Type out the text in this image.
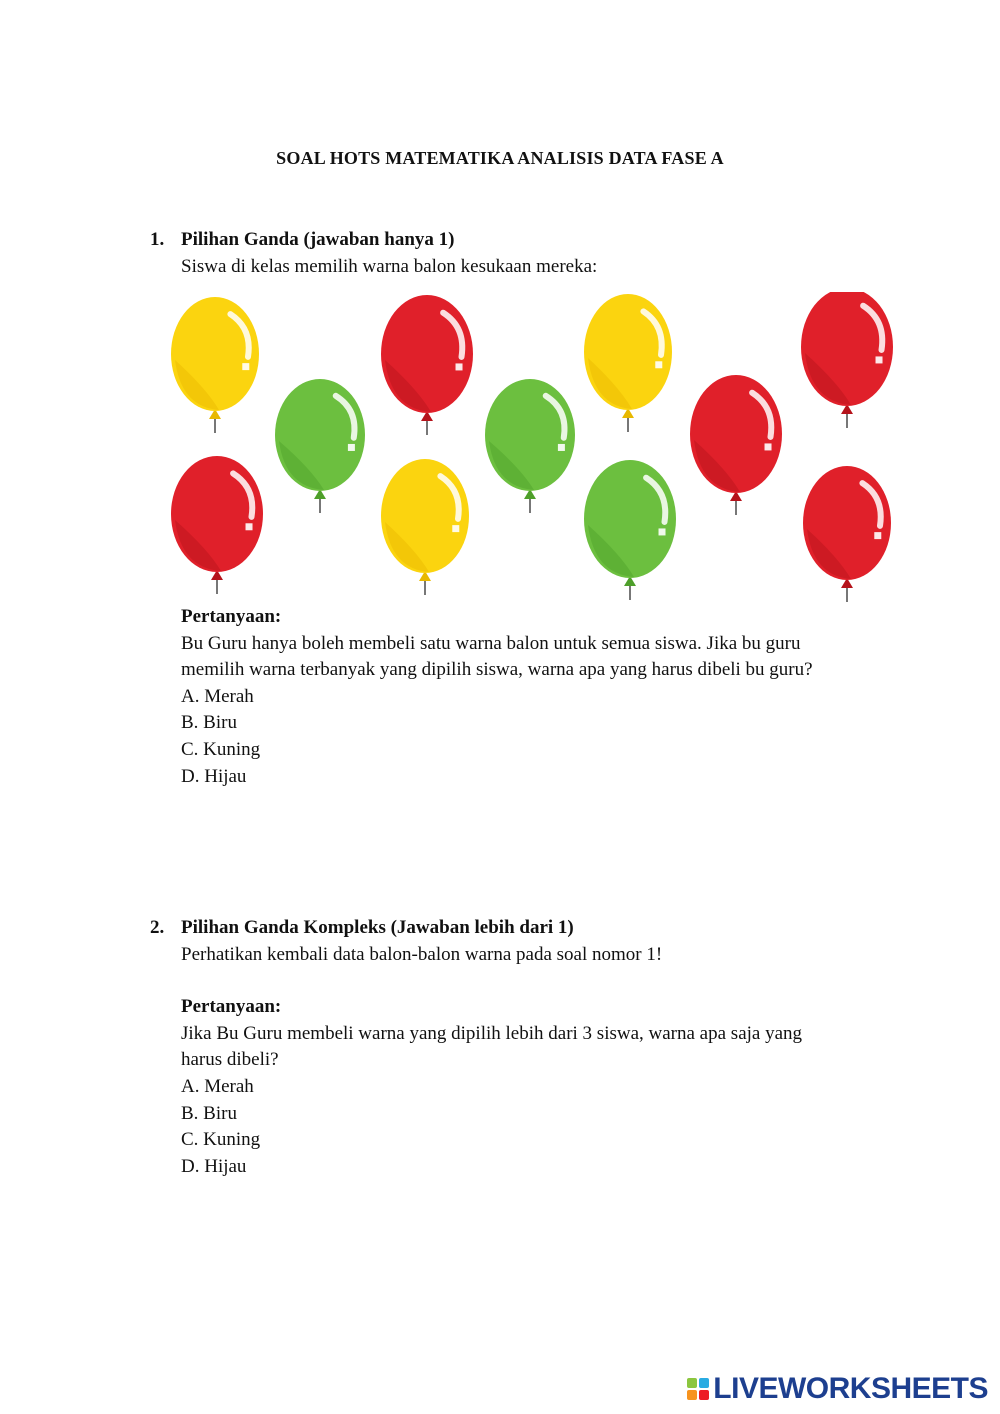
SOAL HOTS MATEMATIKA ANALISIS DATA FASE A
1. Pilihan Ganda (jawaban hanya 1)
Siswa di kelas memilih warna balon kesukaan mereka:
Pertanyaan:
Bu Guru hanya boleh membeli satu warna balon untuk semua siswa. Jika bu guru
memilih warna terbanyak yang dipilih siswa, warna apa yang harus dibeli bu guru?
A. Merah
B. Biru
C. Kuning
D. Hijau
2. Pilihan Ganda Kompleks (Jawaban lebih dari 1)
Perhatikan kembali data balon-balon warna pada soal nomor 1!
Pertanyaan:
Jika Bu Guru membeli warna yang dipilih lebih dari 3 siswa, warna apa saja yang
harus dibeli?
A. Merah
B. Biru
C. Kuning
D. Hijau
LIVEWORKSHEETS
